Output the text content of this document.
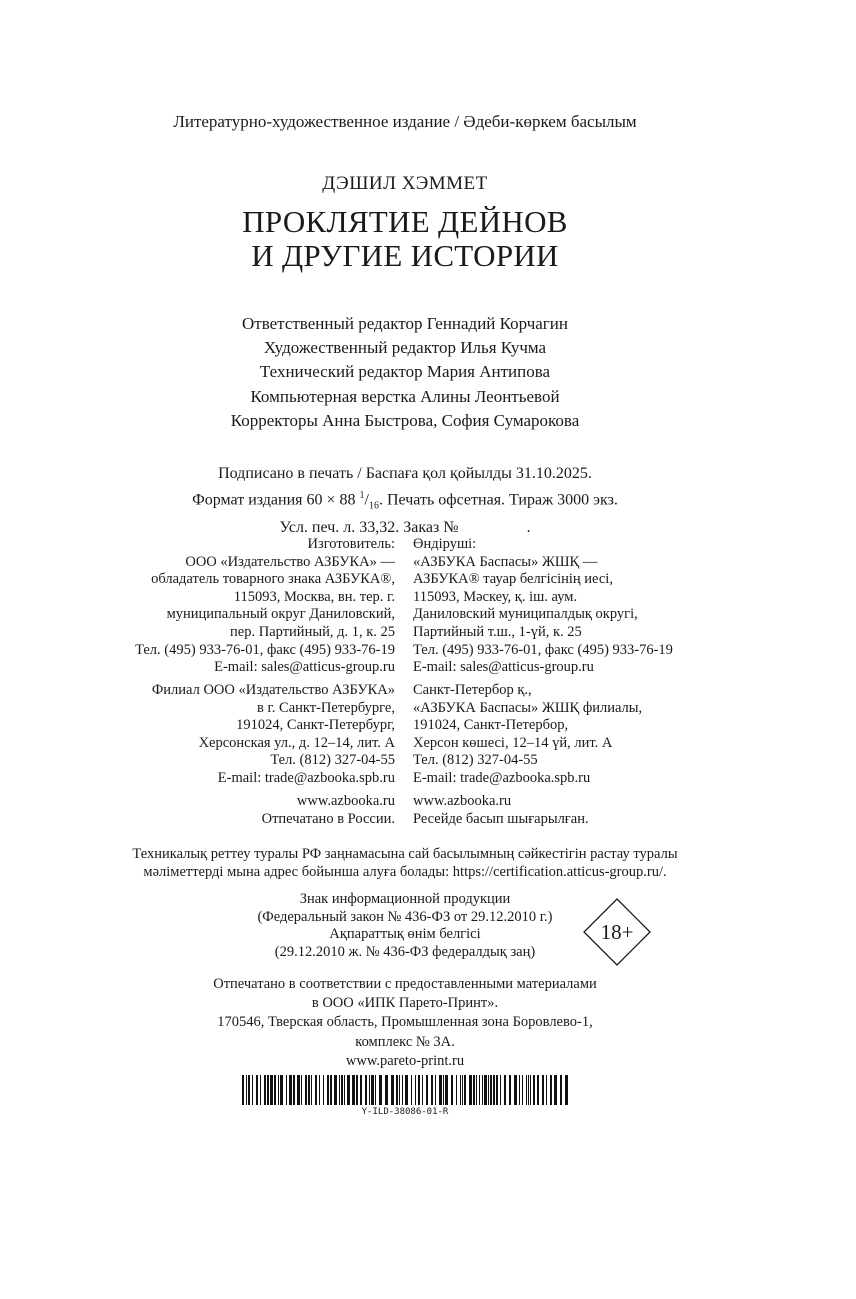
Литературно-художественное издание / Әдеби-көркем басылым
ДЭШИЛ ХЭММЕТ
ПРОКЛЯТИЕ ДЕЙНОВ
И ДРУГИЕ ИСТОРИИ
Ответственный редактор Геннадий Корчагин
Художественный редактор Илья Кучма
Технический редактор Мария Антипова
Компьютерная верстка Алины Леонтьевой
Корректоры Анна Быстрова, София Сумарокова
Подписано в печать / Баспаға қол қойылды 31.10.2025.
Формат издания 60 × 88 $^1/_{16}$. Печать офсетная. Тираж 3000 экз.
Усл. печ. л. 33,32. Заказ №                 .
Изготовитель:
ООО «Издательство АЗБУКА» —
обладатель товарного знака АЗБУКА®,
115093, Москва, вн. тер. г.
муниципальный округ Даниловский,
пер. Партийный, д. 1, к. 25
Тел. (495) 933-76-01, факс (495) 933-76-19
E-mail: sales@atticus-group.ru
Өндіруші:
«АЗБУКА Баспасы» ЖШҚ —
АЗБУКА® тауар белгісінің иесі,
115093, Мәскеу, қ. іш. аум.
Даниловский муниципалдық округі,
Партийный т.ш., 1-үй, к. 25
Тел. (495) 933-76-01, факс (495) 933-76-19
E-mail: sales@atticus-group.ru
Филиал ООО «Издательство АЗБУКА»
в г. Санкт-Петербурге,
191024, Санкт-Петербург,
Херсонская ул., д. 12–14, лит. А
Тел. (812) 327-04-55
E-mail: trade@azbooka.spb.ru
Санкт-Петербор қ.,
«АЗБУКА Баспасы» ЖШҚ филиалы,
191024, Санкт-Петербор,
Херсон көшесі, 12–14 үй, лит. А
Тел. (812) 327-04-55
E-mail: trade@azbooka.spb.ru
www.azbooka.ru
Отпечатано в России.
www.azbooka.ru
Ресейде басып шығарылған.
Техникалық реттеу туралы РФ заңнамасына сай басылымның сәйкестігін растау туралы
мәліметтерді мына адрес бойынша алуға болады: https://certification.atticus-group.ru/.
Знак информационной продукции
(Федеральный закон № 436-ФЗ от 29.12.2010 г.)
Ақпараттық өнім белгісі
(29.12.2010 ж. № 436-ФЗ федералдық заң)
18+
Отпечатано в соответствии с предоставленными материалами
в ООО «ИПК Парето-Принт».
170546, Тверская область, Промышленная зона Боровлево-1,
комплекс № 3А.
www.pareto-print.ru
Y-ILD-38086-01-R
